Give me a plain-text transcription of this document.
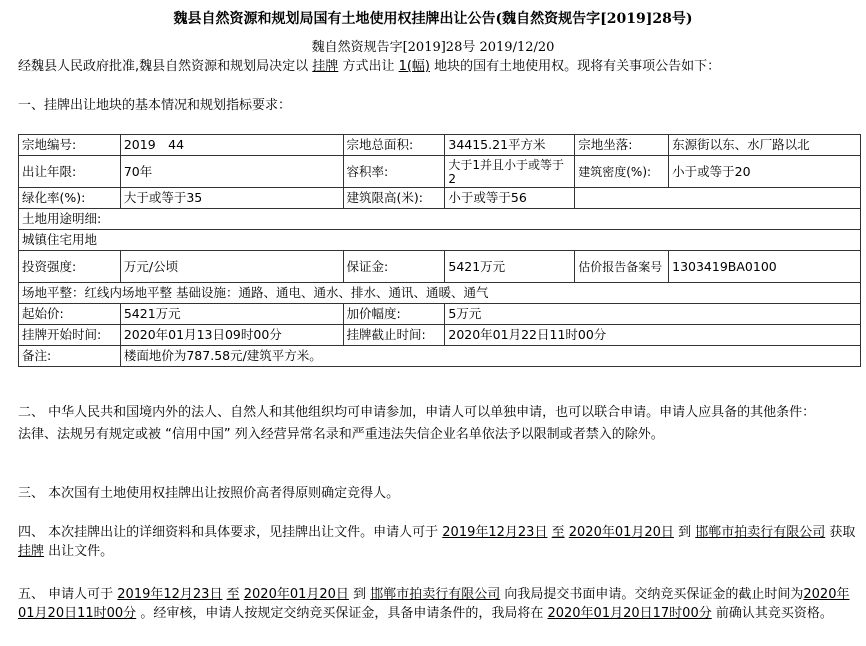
魏县自然资源和规划局国有土地使用权挂牌出让公告(魏自然资规告字[2019]28号)
魏自然资规告字[2019]28号 2019/12/20
经魏县人民政府批准,魏县自然资源和规划局决定以 挂牌 方式出让 1(幅) 地块的国有土地使用权。现将有关事项公告如下：
一、挂牌出让地块的基本情况和规划指标要求：
宗地编号:	2019　44	宗地总面积:	34415.21平方米	宗地坐落:	东源街以东、水厂路以北
出让年限:	70年	容积率:	大于1并且小于或等于2	建筑密度(%):	小于或等于20
绿化率(%):	大于或等于35	建筑限高(米):	小于或等于56		
土地用途明细:					
城镇住宅用地					
投资强度:	万元/公顷	保证金:	5421万元	估价报告备案号	1303419BA0100
场地平整：红线内场地平整 基础设施：通路、通电、通水、排水、通讯、通暖、通气					
起始价:	5421万元	加价幅度:	5万元		
挂牌开始时间:	2020年01月13日09时00分	挂牌截止时间:	2020年01月22日11时00分		
备注:	楼面地价为787.58元/建筑平方米。				
二、 中华人民共和国境内外的法人、自然人和其他组织均可申请参加，申请人可以单独申请，也可以联合申请。申请人应具备的其他条件：
法律、法规另有规定或被 “信用中国” 列入经营异常名录和严重违法失信企业名单依法予以限制或者禁入的除外。
三、 本次国有土地使用权挂牌出让按照价高者得原则确定竞得人。
四、 本次挂牌出让的详细资料和具体要求，见挂牌出让文件。申请人可于 2019年12月23日 至 2020年01月20日 到 邯郸市拍卖行有限公司 获取 挂牌 出让文件。
五、 申请人可于 2019年12月23日 至 2020年01月20日 到 邯郸市拍卖行有限公司 向我局提交书面申请。交纳竞买保证金的截止时间为2020年 01月20日11时00分 。经审核，申请人按规定交纳竞买保证金，具备申请条件的，我局将在 2020年01月20日17时00分 前确认其竞买资格。
